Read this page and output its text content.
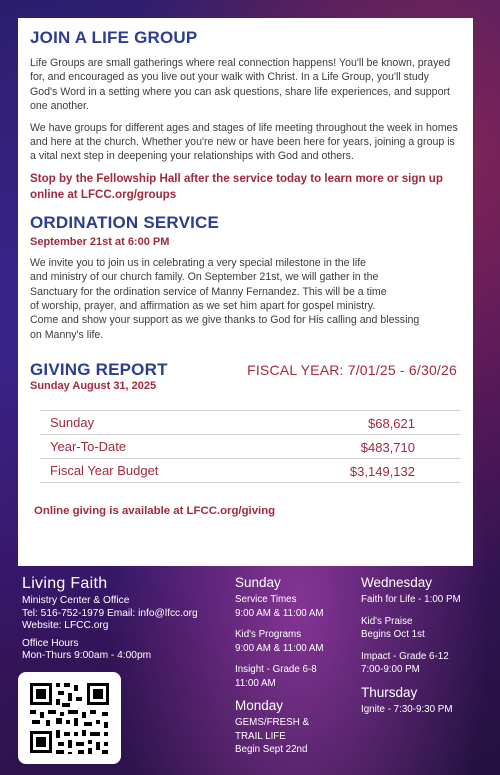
JOIN A LIFE GROUP

Life Groups are small gatherings where real connection happens! You'll be known, prayed for, and encouraged as you live out your walk with Christ. In a Life Group, you'll study God's Word in a setting where you can ask questions, share life experiences, and support one another.

We have groups for different ages and stages of life meeting throughout the week in homes and here at the church. Whether you're new or have been here for years, joining a group is a vital next step in deepening your relationships with God and others.

Stop by the Fellowship Hall after the service today to learn more or sign up online at LFCC.org/groups

ORDINATION SERVICE
September 21st at 6:00 PM
We invite you to join us in celebrating a very special milestone in the life
and ministry of our church family. On September 21st, we will gather in the
Sanctuary for the ordination service of Manny Fernandez. This will be a time
of worship, prayer, and affirmation as we set him apart for gospel ministry.
Come and show your support as we give thanks to God for His calling and blessing
on Manny's life.
GIVING REPORT	FISCAL YEAR: 7/01/25 - 6/30/26
Sunday August 31, 2025
Sunday	$68,621
Year-To-Date	$483,710
Fiscal Year Budget	$3,149,132
Online giving is available at LFCC.org/giving
Living Faith
Ministry Center & Office
Tel: 516-752-1979 Email: info@lfcc.org
Website: LFCC.org
Office Hours
Mon-Thurs 9:00am - 4:00pm
Sunday
Service Times
9:00 AM & 11:00 AM
Kid's Programs
9:00 AM & 11:00 AM
Insight - Grade 6-8
11:00 AM
Monday
GEMS/FRESH &
TRAIL LIFE
Begin Sept 22nd
Wednesday
Faith for Life - 1:00 PM
Kid's Praise
Begins Oct 1st
Impact - Grade 6-12
7:00-9:00 PM
Thursday
Ignite - 7:30-9:30 PM
